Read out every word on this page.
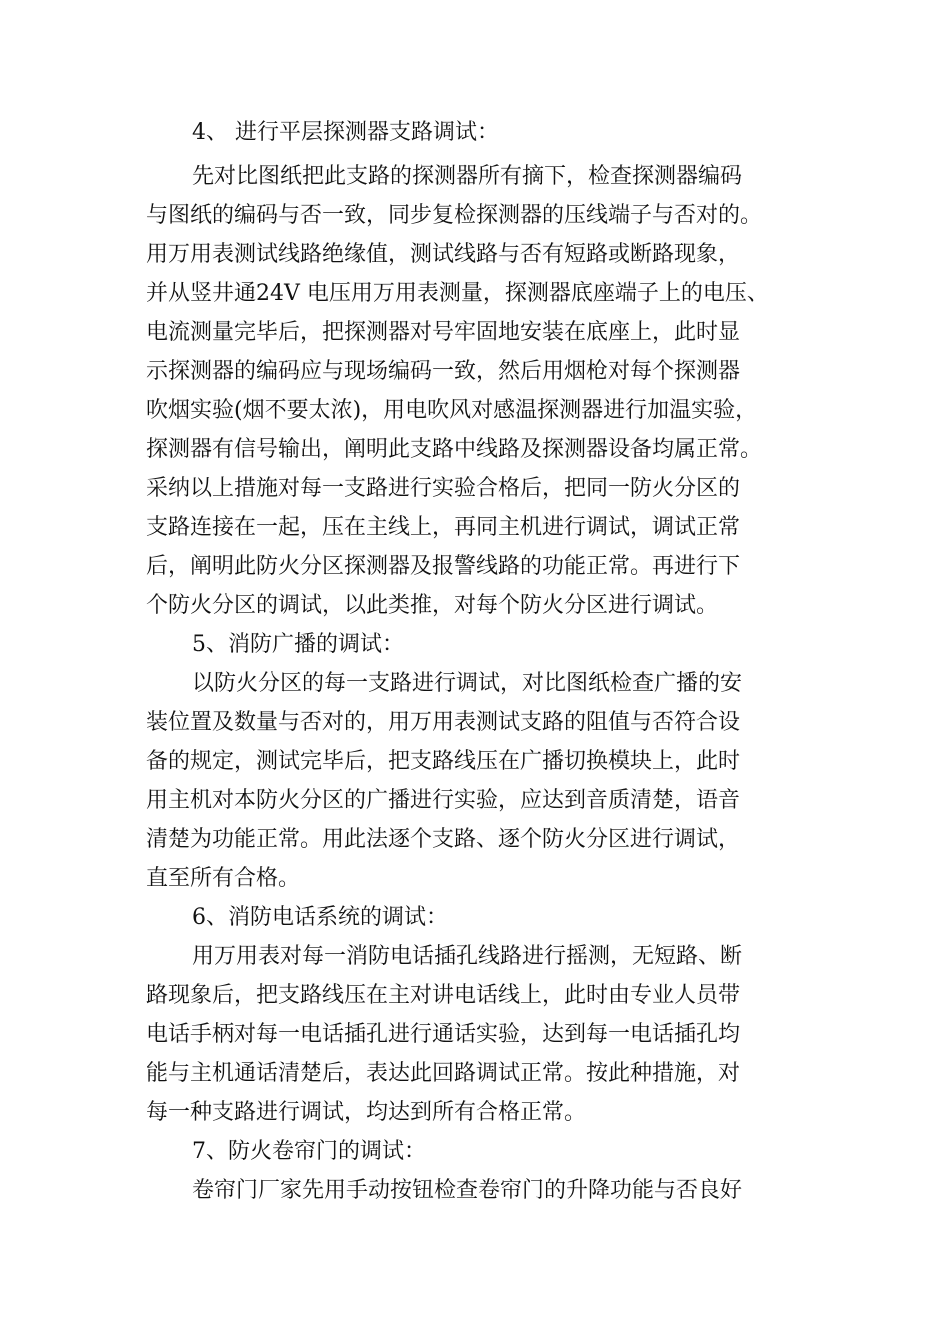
4、 进行平层探测器支路调试：
先对比图纸把此支路的探测器所有摘下，检查探测器编码
与图纸的编码与否一致，同步复检探测器的压线端子与否对的。
用万用表测试线路绝缘值，测试线路与否有短路或断路现象，
并从竖井通24V 电压用万用表测量，探测器底座端子上的电压、
电流测量完毕后，把探测器对号牢固地安装在底座上，此时显
示探测器的编码应与现场编码一致，然后用烟枪对每个探测器
吹烟实验(烟不要太浓)，用电吹风对感温探测器进行加温实验，
探测器有信号输出，阐明此支路中线路及探测器设备均属正常。
采纳以上措施对每一支路进行实验合格后，把同一防火分区的
支路连接在一起，压在主线上，再同主机进行调试，调试正常
后，阐明此防火分区探测器及报警线路的功能正常。再进行下
个防火分区的调试，以此类推，对每个防火分区进行调试。
5、消防广播的调试：
以防火分区的每一支路进行调试，对比图纸检查广播的安
装位置及数量与否对的，用万用表测试支路的阻值与否符合设
备的规定，测试完毕后，把支路线压在广播切换模块上，此时
用主机对本防火分区的广播进行实验，应达到音质清楚，语音
清楚为功能正常。用此法逐个支路、逐个防火分区进行调试，
直至所有合格。
6、消防电话系统的调试：
用万用表对每一消防电话插孔线路进行摇测，无短路、断
路现象后，把支路线压在主对讲电话线上，此时由专业人员带
电话手柄对每一电话插孔进行通话实验，达到每一电话插孔均
能与主机通话清楚后，表达此回路调试正常。按此种措施，对
每一种支路进行调试，均达到所有合格正常。
7、防火卷帘门的调试：
卷帘门厂家先用手动按钮检查卷帘门的升降功能与否良好
